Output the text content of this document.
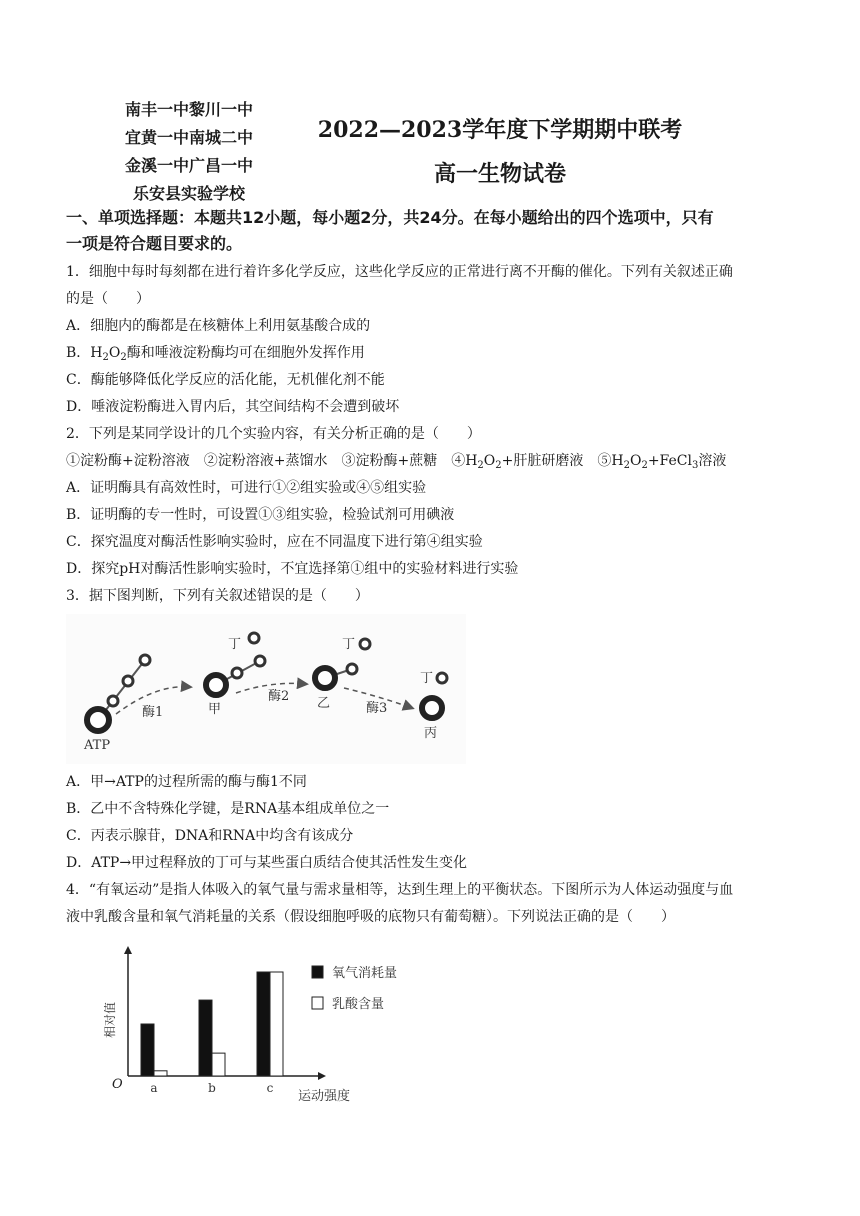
南丰一中黎川一中
宜黄一中南城二中
金溪一中广昌一中
乐安县实验学校
2022—2023学年度下学期期中联考
高一生物试卷
一、单项选择题：本题共12小题，每小题2分，共24分。在每小题给出的四个选项中，只有
一项是符合题目要求的。
1．细胞中每时每刻都在进行着许多化学反应，这些化学反应的正常进行离不开酶的催化。下列有关叙述正确
的是（　　）
A．细胞内的酶都是在核糖体上利用氨基酸合成的
B．$H_2O_2$酶和唾液淀粉酶均可在细胞外发挥作用
C．酶能够降低化学反应的活化能，无机催化剂不能
D．唾液淀粉酶进入胃内后，其空间结构不会遭到破坏
2．下列是某同学设计的几个实验内容，有关分析正确的是（　　）
①淀粉酶+淀粉溶液　②淀粉溶液+蒸馏水　③淀粉酶+蔗糖　$④H_2O_2+$肝脏研磨液　$⑤H_2O_2+FeCl_3$溶液
A．证明酶具有高效性时，可进行①②组实验或④⑤组实验
B．证明酶的专一性时，可设置①③组实验，检验试剂可用碘液
C．探究温度对酶活性影响实验时，应在不同温度下进行第④组实验
D．探究pH对酶活性影响实验时，不宜选择第①组中的实验材料进行实验
3．据下图判断，下列有关叙述错误的是（　　）
ATP
酶1	甲
丁
酶2 乙
丁
酶3
丁
丙
A．甲→ATP的过程所需的酶与酶1不同
B．乙中不含特殊化学键，是RNA基本组成单位之一
C．丙表示腺苷，DNA和RNA中均含有该成分
D．ATP→甲过程释放的丁可与某些蛋白质结合使其活性发生变化
4．“有氧运动”是指人体吸入的氧气量与需求量相等，达到生理上的平衡状态。下图所示为人体运动强度与血
液中乳酸含量和氧气消耗量的关系（假设细胞呼吸的底物只有葡萄糖）。下列说法正确的是（　　）
O
相对值
运动强度
a	b	c
氧气消耗量
乳酸含量
